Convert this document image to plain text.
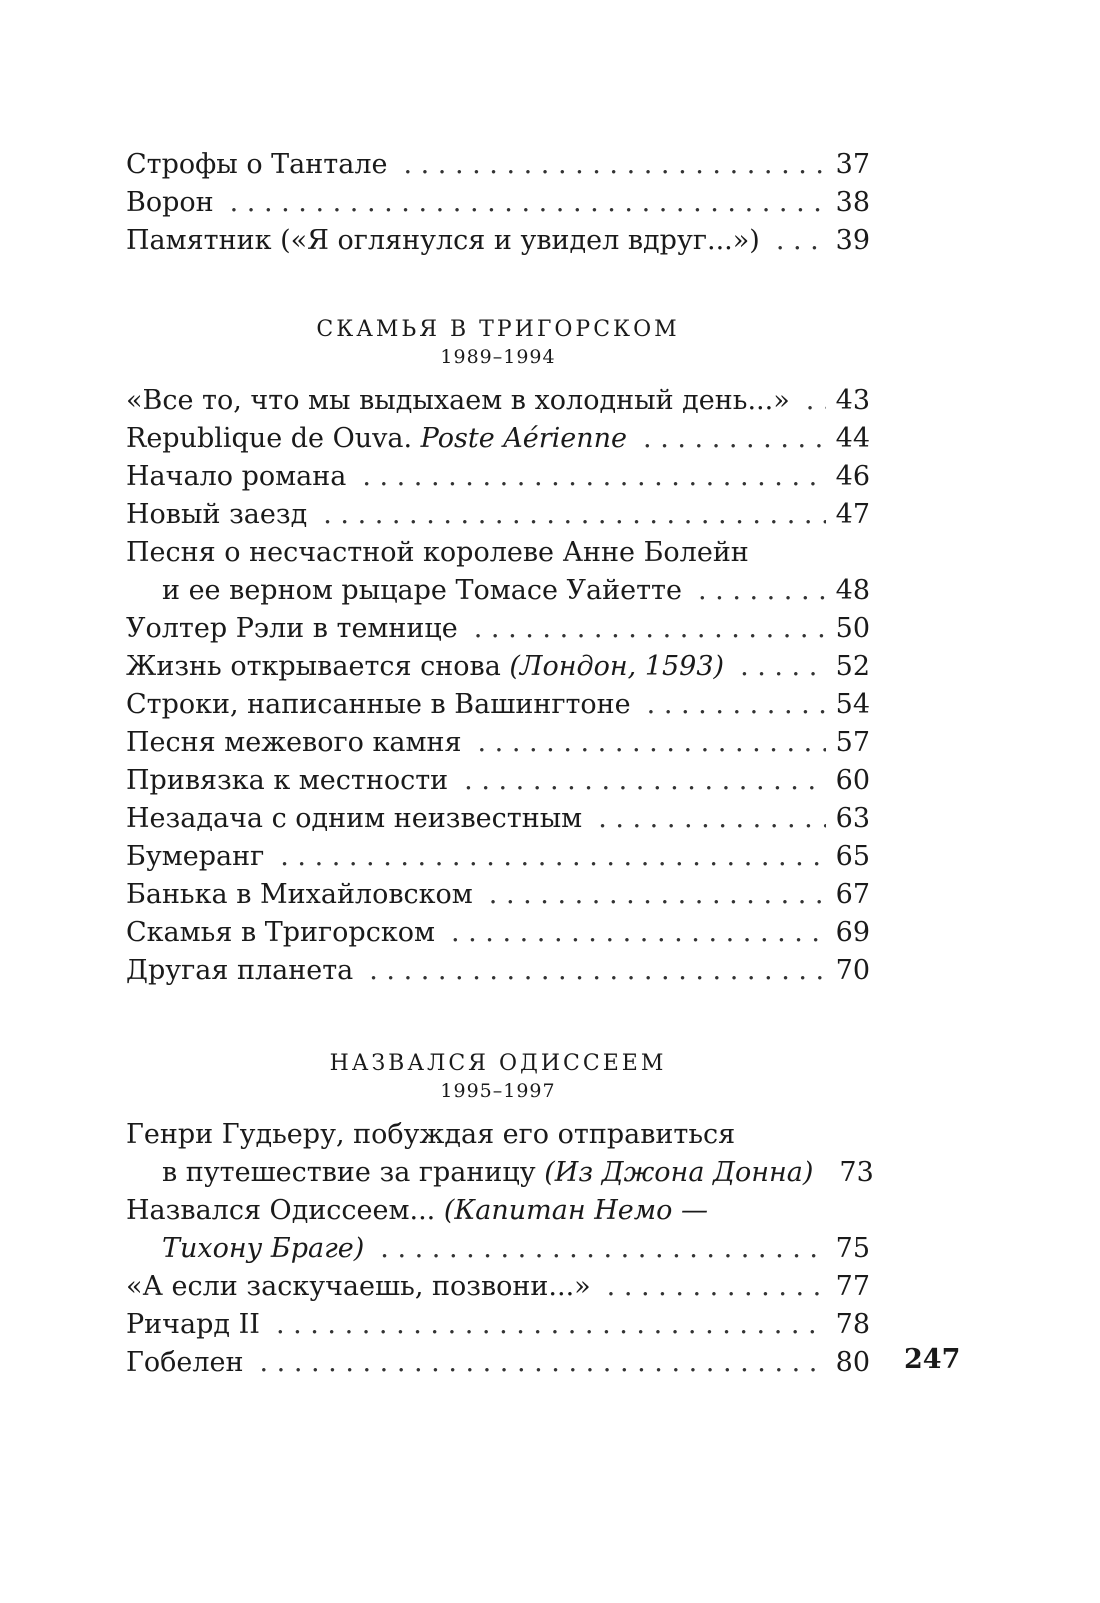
Строфы о Тантале . . .	37
Ворон . . .	38
Памятник («Я оглянулся и увидел вдруг...») . . .	39
СКАМЬЯ В ТРИГОРСКОМ
1989–1994
«Все то, что мы выдыхаем в холодный день...» . . . 43
Republique de Ouva. Poste Aérienne . . .	44
Начало романа . . .	46
Новый заезд . . .	47
Песня о несчастной королеве Анне Болейн
и ее верном рыцаре Томасе Уайетте . . .	48
Уолтер Рэли в темнице . . .	50
Жизнь открывается снова (Лондон, 1593) . . .	52
Строки, написанные в Вашингтоне . . .	54
Песня межевого камня . . .	57
Привязка к местности . . .	60
Незадача с одним неизвестным . . .	63
Бумеранг . . .	65
Банька в Михайловском . . .	67
Скамья в Тригорском . . .	69
Другая планета . . .	70
НАЗВАЛСЯ ОДИССЕЕМ
1995–1997
Генри Гудьеру, побуждая его отправиться
в путешествие за границу (Из Джона Донна) 73
Назвался Одиссеем... (Капитан Немо —
Тихону Браге) . . .	75
«А если заскучаешь, позвони...» . . .	77
Ричард II . . .	78
Гобелен . . .	80 247
